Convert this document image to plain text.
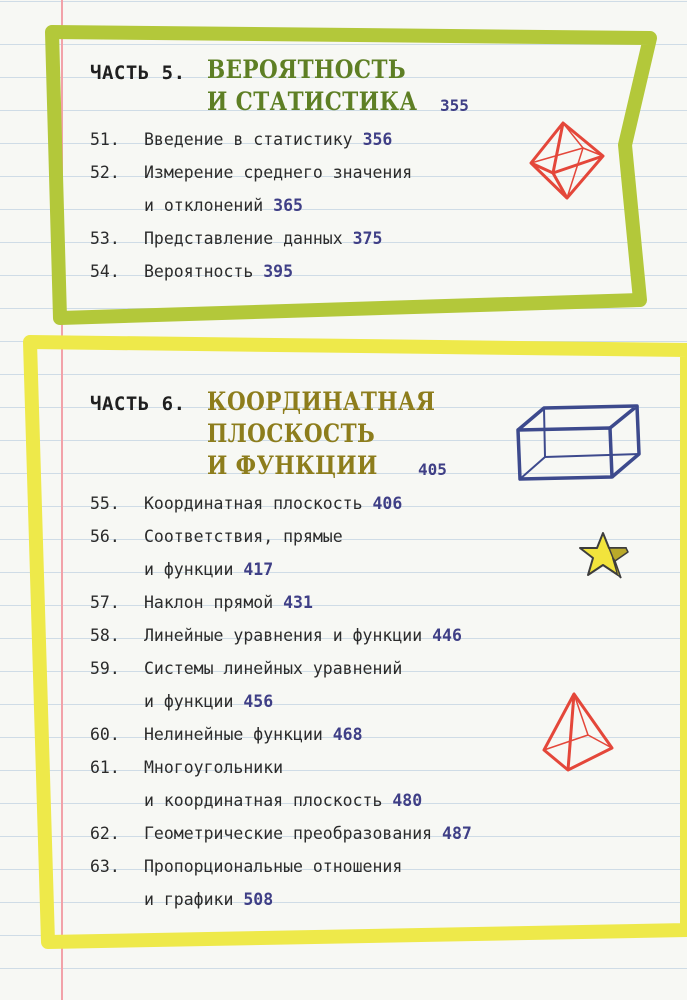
ЧАСТЬ 5. ВЕРОЯТНОСТЬ
И СТАТИСТИКА 355
51. Введение в статистику 356
52. Измерение среднего значения
и отклонений 365
53. Представление данных 375
54. Вероятность 395
ЧАСТЬ 6. КООРДИНАТНАЯ
ПЛОСКОСТЬ
И ФУНКЦИИ	405
55. Координатная плоскость 406
56. Соответствия, прямые
и функции 417
57. Наклон прямой 431
58. Линейные уравнения и функции 446
59. Системы линейных уравнений
и функции 456
60. Нелинейные функции 468
61. Многоугольники
и координатная плоскость 480
62. Геометрические преобразования 487
63. Пропорциональные отношения
и графики 508
